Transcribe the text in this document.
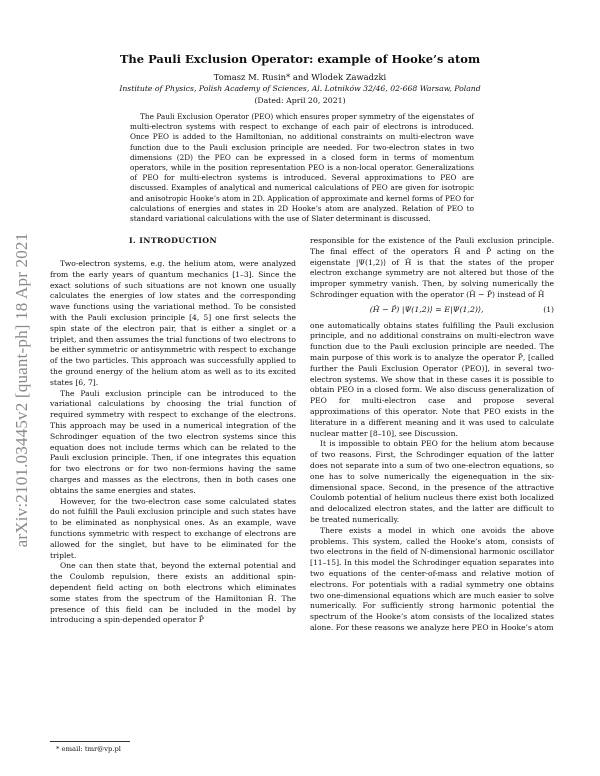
arXiv:2101.03445v2 [quant-ph] 18 Apr 2021
The Pauli Exclusion Operator: example of Hooke’s atom
Tomasz M. Rusin* and Wlodek Zawadzki
Institute of Physics, Polish Academy of Sciences, Al. Lotników 32/46, 02-668 Warsaw, Poland
(Dated: April 20, 2021)

The Pauli Exclusion Operator (PEO) which ensures proper symmetry of the eigenstates of multi-electron systems with respect to exchange of each pair of electrons is introduced. Once PEO is added to the Hamiltonian, no additional constraints on multi-electron wave function due to the Pauli exclusion principle are needed. For two-electron states in two dimensions (2D) the PEO can be expressed in a closed form in terms of momentum operators, while in the position representation PEO is a non-local operator. Generalizations of PEO for multi-electron systems is introduced. Several approximations to PEO are discussed. Examples of analytical and numerical calculations of PEO are given for isotropic and anisotropic Hooke’s atom in 2D. Application of approximate and kernel forms of PEO for calculations of energies and states in 2D Hooke’s atom are analyzed. Relation of PEO to standard variational calculations with the use of Slater determinant is discussed.

I. INTRODUCTION

Two-electron systems, e.g. the helium atom, were analyzed from the early years of quantum mechanics [1–3]. Since the exact solutions of such situations are not known one usually calculates the energies of low states and the corresponding wave functions using the variational method. To be consisted with the Pauli exclusion principle [4, 5] one first selects the spin state of the electron pair, that is either a singlet or a triplet, and then assumes the trial functions of two electrons to be either symmetric or antisymmetric with respect to exchange of the two particles. This approach was successfully applied to the ground energy of the helium atom as well as to its excited states [6, 7].

The Pauli exclusion principle can be introduced to the variational calculations by choosing the trial function of required symmetry with respect to exchange of the electrons. This approach may be used in a numerical integration of the Schrodinger equation of the two electron systems since this equation does not include terms which can be related to the Pauli exclusion principle. Then, if one integrates this equation for two electrons or for two non-fermions having the same charges and masses as the electrons, then in both cases one obtains the same energies and states.

However, for the two-electron case some calculated states do not fulfill the Pauli exclusion principle and such states have to be eliminated as nonphysical ones. As an example, wave functions symmetric with respect to exchange of electrons are allowed for the singlet, but have to be eliminated for the triplet.

One can then state that, beyond the external potential and the Coulomb repulsion, there exists an additional spin-dependent field acting on both electrons which eliminates some states from the spectrum of the Hamiltonian Ĥ. The presence of this field can be included in the model by introducing a spin-depended operator P̂

responsible for the existence of the Pauli exclusion principle. The final effect of the operators Ĥ and P̂ acting on the eigenstate |Ψ(1,2)⟩ of Ĥ is that the states of the proper electron exchange symmetry are not altered but those of the improper symmetry vanish. Then, by solving numerically the Schrodinger equation with the operator (Ĥ − P̂) instead of Ĥ

(Ĥ − P̂) |Ψ(1,2)⟩ = E|Ψ(1,2)⟩,	(1)

one automatically obtains states fulfilling the Pauli exclusion principle, and no additional constrains on multi-electron wave function due to the Pauli exclusion principle are needed. The main purpose of this work is to analyze the operator P̂, [called further the Pauli Exclusion Operator (PEO)], in several two-electron systems. We show that in these cases it is possible to obtain PEO in a closed form. We also discuss generalization of PEO for multi-electron case and propose several approximations of this operator. Note that PEO exists in the literature in a different meaning and it was used to calculate nuclear matter [8–10], see Discussion.

It is impossible to obtain PEO for the helium atom because of two reasons. First, the Schrodinger equation of the latter does not separate into a sum of two one-electron equations, so one has to solve numerically the eigenequation in the six-dimensional space. Second, in the presence of the attractive Coulomb potential of helium nucleus there exist both localized and delocalized electron states, and the latter are difficult to be treated numerically.

There exists a model in which one avoids the above problems. This system, called the Hooke’s atom, consists of two electrons in the field of N-dimensional harmonic oscillator [11–15]. In this model the Schrodinger equation separates into two equations of the center-of-mass and relative motion of electrons. For potentials with a radial symmetry one obtains two one-dimensional equations which are much easier to solve numerically. For sufficiently strong harmonic potential the spectrum of the Hooke’s atom consists of the localized states alone. For these reasons we analyze here PEO in Hooke’s atom

* email: tmr@vp.pl
